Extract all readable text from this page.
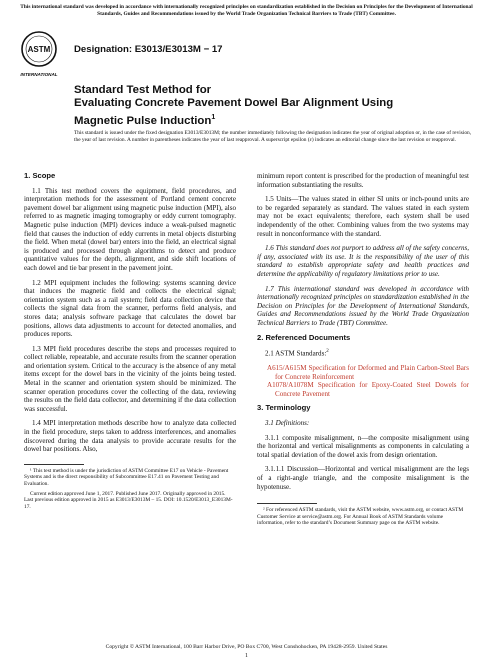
This international standard was developed in accordance with internationally recognized principles on standardization established in the Decision on Principles for the Development of International Standards, Guides and Recommendations issued by the World Trade Organization Technical Barriers to Trade (TBT) Committee.
ASTM
INTERNATIONAL
Designation: E3013/E3013M − 17
Standard Test Method for
Evaluating Concrete Pavement Dowel Bar Alignment Using
Magnetic Pulse Induction$^1$
This standard is issued under the fixed designation E3013/E3013M; the number immediately following the designation indicates the year of original adoption or, in the case of revision, the year of last revision. A number in parentheses indicates the year of last reapproval. A superscript epsilon (ε) indicates an editorial change since the last revision or reapproval.
1. Scope
1.1 This test method covers the equipment, field procedures, and interpretation methods for the assessment of Portland cement concrete pavement dowel bar alignment using magnetic pulse induction (MPI), also referred to as magnetic imaging tomography or eddy current tomography. Magnetic pulse induction (MPI) devices induce a weak-pulsed magnetic field that causes the induction of eddy currents in metal objects disturbing the field. When metal (dowel bar) enters into the field, an electrical signal is produced and processed through algorithms to detect and produce quantitative values for the depth, alignment, and side shift locations of each dowel and tie bar present in the pavement joint.
1.2 MPI equipment includes the following: systems scanning device that induces the magnetic field and collects the electrical signal; orientation system such as a rail system; field data collection device that collects the signal data from the scanner, performs field analysis, and stores data; analysis software package that calculates the dowel bar positions, allows data adjustments to account for detected anomalies, and produces reports.
1.3 MPI field procedures describe the steps and processes required to collect reliable, repeatable, and accurate results from the scanner operation and orientation system. Critical to the accuracy is the absence of any metal items except for the dowel bars in the vicinity of the joints being tested. Metal in the scanner and orientation system should be minimized. The scanner operation procedures cover the collecting of the data, reviewing the results on the field data collector, and determining if the data collection was successful.
1.4 MPI interpretation methods describe how to analyze data collected in the field procedure, steps taken to address interferences, and anomalies discovered during the data analysis to provide accurate results for the dowel bar positions. Also,
¹ This test method is under the jurisdiction of ASTM Committee E17 on Vehicle - Pavement Systems and is the direct responsibility of Subcommittee E17.41 on Pavement Testing and Evaluation.
Current edition approved June 1, 2017. Published June 2017. Originally approved in 2015. Last previous edition approved in 2015 as E3013/E3013M – 15. DOI: 10.1520/E3013_E3013M-17.
minimum report content is prescribed for the production of meaningful test information substantiating the results.
1.5 Units—The values stated in either SI units or inch-pound units are to be regarded separately as standard. The values stated in each system may not be exact equivalents; therefore, each system shall be used independently of the other. Combining values from the two systems may result in nonconformance with the standard.
1.6 This standard does not purport to address all of the safety concerns, if any, associated with its use. It is the responsibility of the user of this standard to establish appropriate safety and health practices and determine the applicability of regulatory limitations prior to use.
1.7 This international standard was developed in accordance with internationally recognized principles on standardization established in the Decision on Principles for the Development of International Standards, Guides and Recommendations issued by the World Trade Organization Technical Barriers to Trade (TBT) Committee.
2. Referenced Documents
2.1 ASTM Standards:$^2$
A615/A615M Specification for Deformed and Plain Carbon-Steel Bars for Concrete Reinforcement
A1078/A1078M Specification for Epoxy-Coated Steel Dowels for Concrete Pavement
3. Terminology
3.1 Definitions:
3.1.1 composite misalignment, n—the composite misalignment using the horizontal and vertical misalignments as components in calculating a total spatial deviation of the dowel axis from design orientation.
3.1.1.1 Discussion—Horizontal and vertical misalignment are the legs of a right-angle triangle, and the composite misalignment is the hypotenuse.
² For referenced ASTM standards, visit the ASTM website, www.astm.org, or contact ASTM Customer Service at service@astm.org. For Annual Book of ASTM Standards volume information, refer to the standard’s Document Summary page on the ASTM website.
Copyright © ASTM International, 100 Barr Harbor Drive, PO Box C700, West Conshohocken, PA 19428-2959. United States
1
